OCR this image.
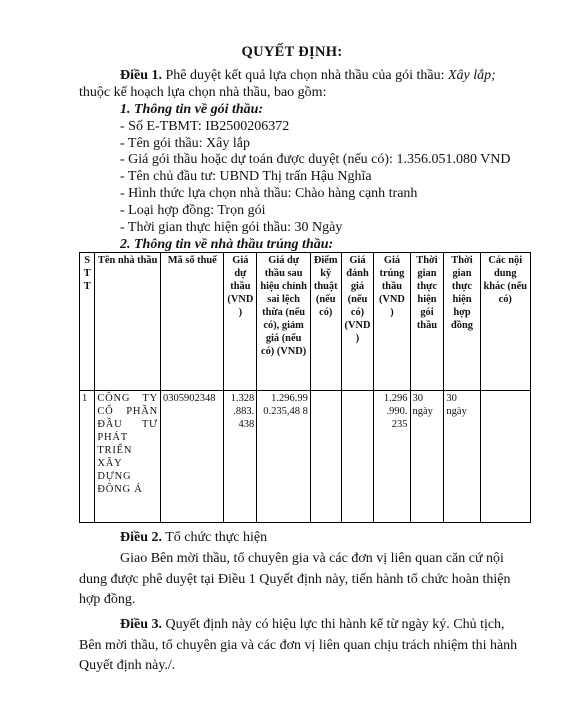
QUYẾT ĐỊNH:
Điều 1. Phê duyệt kết quả lựa chọn nhà thầu của gói thầu: Xây lắp;
thuộc kế hoạch lựa chọn nhà thầu, bao gồm:
1. Thông tin về gói thầu:
- Số E-TBMT: IB2500206372
- Tên gói thầu: Xây lắp
- Giá gói thầu hoặc dự toán được duyệt (nếu có): 1.356.051.080 VND
- Tên chủ đầu tư: UBND Thị trấn Hậu Nghĩa
- Hình thức lựa chọn nhà thầu: Chào hàng cạnh tranh
- Loại hợp đồng: Trọn gói
- Thời gian thực hiện gói thầu: 30 Ngày
2. Thông tin về nhà thầu trúng thầu:
S T T	Tên nhà thầu	Mã số thuế	Giá dự thầu (VND )	Giá dự thầu sau hiệu chỉnh sai lệch thừa (nếu có), giảm giá (nếu có) (VND)	Điểm kỹ thuật (nếu có)	Giá đánh giá (nếu có) (VND )	Giá trúng thầu (VND )	Thời gian thực hiện gói thầu	Thời gian thực hiện hợp đồng	Các nội dung khác (nếu có)
1	CÔNG TY CỔ PHẦN ĐẦU TƯ PHÁT TRIỂN XÂY DỰNG ĐÔNG Á	0305902348	1.328 .883. 438	1.296.99 0.235,48 8			1.296 .990. 235	30 ngày	30 ngày	
Điều 2. Tổ chức thực hiện
Giao Bên mời thầu, tổ chuyên gia và các đơn vị liên quan căn cứ nội
dung được phê duyệt tại Điều 1 Quyết định này, tiến hành tổ chức hoàn thiện
hợp đồng.
Điều 3. Quyết định này có hiệu lực thi hành kể từ ngày ký. Chủ tịch,
Bên mời thầu, tổ chuyên gia và các đơn vị liên quan chịu trách nhiệm thi hành
Quyết định này./.
